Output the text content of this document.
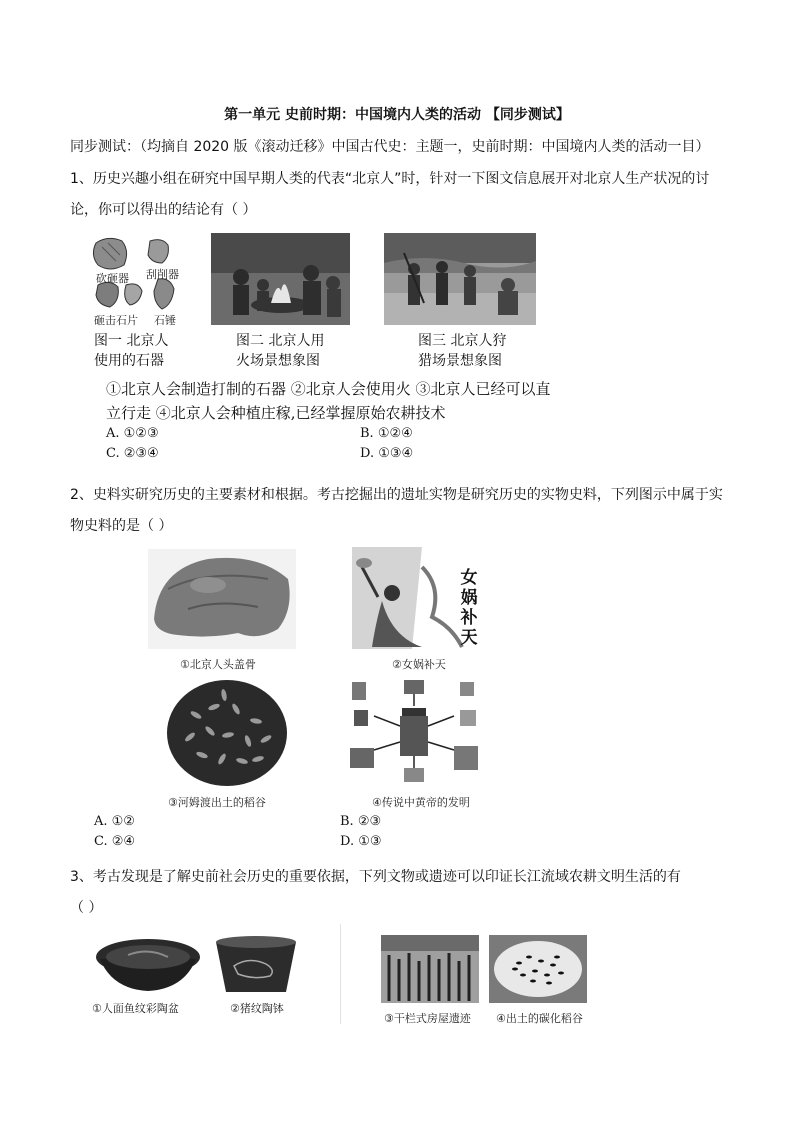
第一单元 史前时期：中国境内人类的活动 【同步测试】
同步测试：（均摘自 2020 版《滚动迁移》中国古代史：主题一，史前时期：中国境内人类的活动一目）
1、历史兴趣小组在研究中国早期人类的代表“北京人”时，针对一下图文信息展开对北京人生产状况的讨
论，你可以得出的结论有（ ）
砍砸器 刮削器
砸击石片 石锤
图一 北京人
使用的石器
图二 北京人用
火场景想象图
图三 北京人狩
猎场景想象图
①北京人会制造打制的石器 ②北京人会使用火 ③北京人已经可以直
立行走 ④北京人会种植庄稼,已经掌握原始农耕技术
A. ①②③	B. ①②④
C. ②③④	D. ①③④
2、史料实研究历史的主要素材和根据。考古挖掘出的遗址实物是研究历史的实物史料，下列图示中属于实
物史料的是（ ）
①北京人头盖骨
女
娲
补
天
②女娲补天
③河姆渡出土的稻谷	④传说中黄帝的发明
A. ①②	B. ②③
C. ②④	D. ①③
3、考古发现是了解史前社会历史的重要依据，下列文物或遗迹可以印证长江流域农耕文明生活的有
（ ）
①人面鱼纹彩陶盆	②猪纹陶钵
③干栏式房屋遗迹 ④出土的碳化稻谷
